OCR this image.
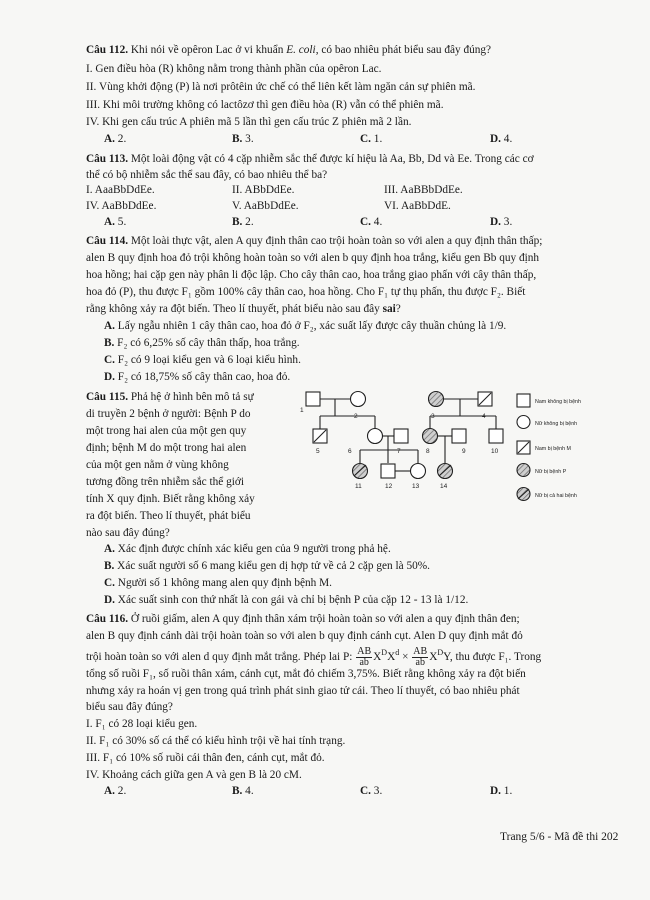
Câu 112. Khi nói về opêron Lac ở vi khuẩn E. coli, có bao nhiêu phát biểu sau đây đúng?
I. Gen điều hòa (R) không nằm trong thành phần của opêron Lac.
II. Vùng khởi động (P) là nơi prôtêin ức chế có thể liên kết làm ngăn cản sự phiên mã.
III. Khi môi trường không có lactôzơ thì gen điều hòa (R) vẫn có thể phiên mã.
IV. Khi gen cấu trúc A phiên mã 5 lần thì gen cấu trúc Z phiên mã 2 lần.
A. 2.	B. 3.	C. 1.	D. 4.
Câu 113. Một loài động vật có 4 cặp nhiễm sắc thể được kí hiệu là Aa, Bb, Dd và Ee. Trong các cơ
thể có bộ nhiễm sắc thể sau đây, có bao nhiêu thể ba?
I. AaaBbDdEe.	II. ABbDdEe.	III. AaBBbDdEe.
IV. AaBbDdEe.	V. AaBbDdEe.	VI. AaBbDdE.
A. 5.	B. 2.	C. 4.	D. 3.
Câu 114. Một loài thực vật, alen A quy định thân cao trội hoàn toàn so với alen a quy định thân thấp;
alen B quy định hoa đỏ trội không hoàn toàn so với alen b quy định hoa trắng, kiểu gen Bb quy định
hoa hồng; hai cặp gen này phân li độc lập. Cho cây thân cao, hoa trắng giao phấn với cây thân thấp,
hoa đỏ (P), thu được F₁ gồm 100% cây thân cao, hoa hồng. Cho F₁ tự thụ phấn, thu được F₂. Biết
rằng không xảy ra đột biến. Theo lí thuyết, phát biểu nào sau đây sai?
A. Lấy ngẫu nhiên 1 cây thân cao, hoa đỏ ở F₂, xác suất lấy được cây thuần chủng là 1/9.
B. F₂ có 6,25% số cây thân thấp, hoa trắng.
C. F₂ có 9 loại kiểu gen và 6 loại kiểu hình.
D. F₂ có 18,75% số cây thân cao, hoa đỏ.
Câu 115. Phả hệ ở hình bên mô tả sự
di truyền 2 bệnh ở người: Bệnh P do
một trong hai alen của một gen quy
định; bệnh M do một trong hai alen
của một gen nằm ở vùng không
tương đồng trên nhiễm sắc thể giới
tính X quy định. Biết rằng không xảy
ra đột biến. Theo lí thuyết, phát biểu
nào sau đây đúng?
1
2	3	4
5	6	7	8	9	10
11	12	13	14
Nam không bị bệnh
Nữ không bị bệnh
Nam bị bệnh M
Nữ bị bệnh P
Nữ bị cả hai bệnh
A. Xác định được chính xác kiểu gen của 9 người trong phả hệ.
B. Xác suất người số 6 mang kiểu gen dị hợp tử về cả 2 cặp gen là 50%.
C. Người số 1 không mang alen quy định bệnh M.
D. Xác suất sinh con thứ nhất là con gái và chỉ bị bệnh P của cặp 12 - 13 là 1/12.
Câu 116. Ở ruồi giấm, alen A quy định thân xám trội hoàn toàn so với alen a quy định thân đen;
alen B quy định cánh dài trội hoàn toàn so với alen b quy định cánh cụt. Alen D quy định mắt đỏ
trội hoàn toàn so với alen d quy định mắt trắng. Phép lai P: $\frac{AB}{ab} X^DX^d \times \frac{AB}{ab} X^DY$, thu được F₁. Trong
tổng số ruồi F₁, số ruồi thân xám, cánh cụt, mắt đỏ chiếm 3,75%. Biết rằng không xảy ra đột biến
nhưng xảy ra hoán vị gen trong quá trình phát sinh giao tử cái. Theo lí thuyết, có bao nhiêu phát
biểu sau đây đúng?
I. F₁ có 28 loại kiểu gen.
II. F₁ có 30% số cá thể có kiểu hình trội về hai tính trạng.
III. F₁ có 10% số ruồi cái thân đen, cánh cụt, mắt đỏ.
IV. Khoảng cách giữa gen A và gen B là 20 cM.
A. 2.	B. 4.	C. 3.	D. 1.
Trang 5/6 - Mã đề thi 202
